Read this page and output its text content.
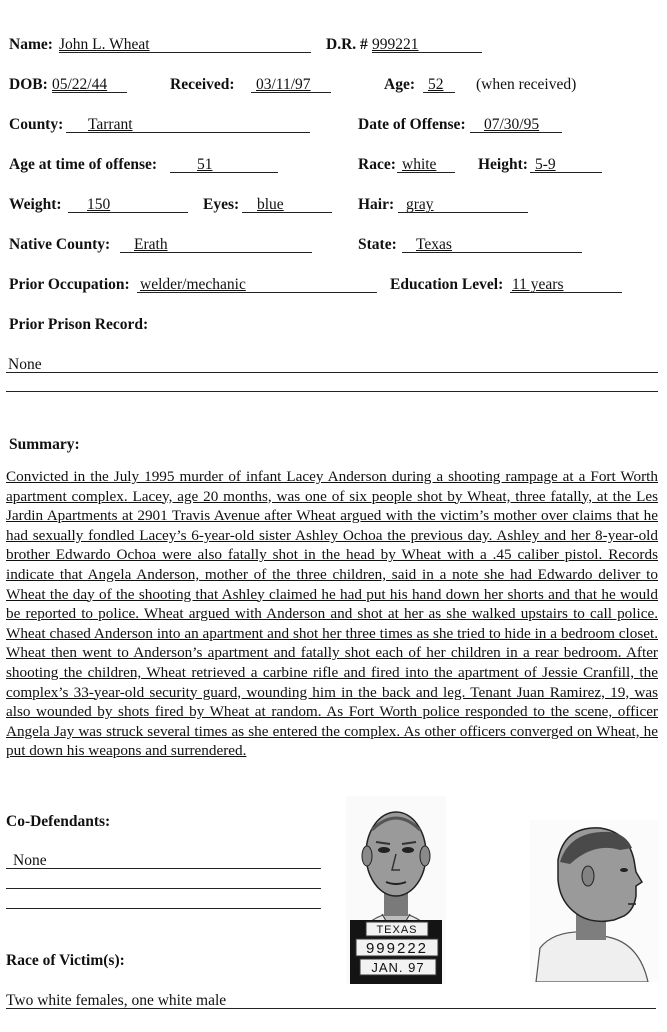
Name: John L. Wheat	D.R. # 999221
DOB: 05/22/44	Received: 03/11/97	Age: 52 (when received)
County: Tarrant	Date of Offense: 07/30/95
Age at time of offense:	51	Race: white	Height: 5-9
Weight: 150	Eyes: blue	Hair: gray
Native County: Erath	State: Texas
Prior Occupation: welder/mechanic	Education Level: 11 years
Prior Prison Record:
None
Summary:
Convicted in the July 1995 murder of infant Lacey Anderson during a shooting rampage at a Fort Worth apartment complex. Lacey, age 20 months, was one of six people shot by Wheat, three fatally, at the Les Jardin Apartments at 2901 Travis Avenue after Wheat argued with the victim’s mother over claims that he had sexually fondled Lacey’s 6-year-old sister Ashley Ochoa the previous day. Ashley and her 8-year-old brother Edwardo Ochoa were also fatally shot in the head by Wheat with a .45 caliber pistol. Records indicate that Angela Anderson, mother of the three children, said in a note she had Edwardo deliver to Wheat the day of the shooting that Ashley claimed he had put his hand down her shorts and that he would be reported to police. Wheat argued with Anderson and shot at her as she walked upstairs to call police. Wheat chased Anderson into an apartment and shot her three times as she tried to hide in a bedroom closet. Wheat then went to Anderson’s apartment and fatally shot each of her children in a rear bedroom. After shooting the children, Wheat retrieved a carbine rifle and fired into the apartment of Jessie Cranfill, the complex’s 33-year-old security guard, wounding him in the back and leg. Tenant Juan Ramirez, 19, was also wounded by shots fired by Wheat at random. As Fort Worth police responded to the scene, officer Angela Jay was struck several times as she entered the complex. As other officers converged on Wheat, he put down his weapons and surrendered.
Co-Defendants:
None
Race of Victim(s):
Two white females, one white male
TEXAS
999222
JAN. 97
